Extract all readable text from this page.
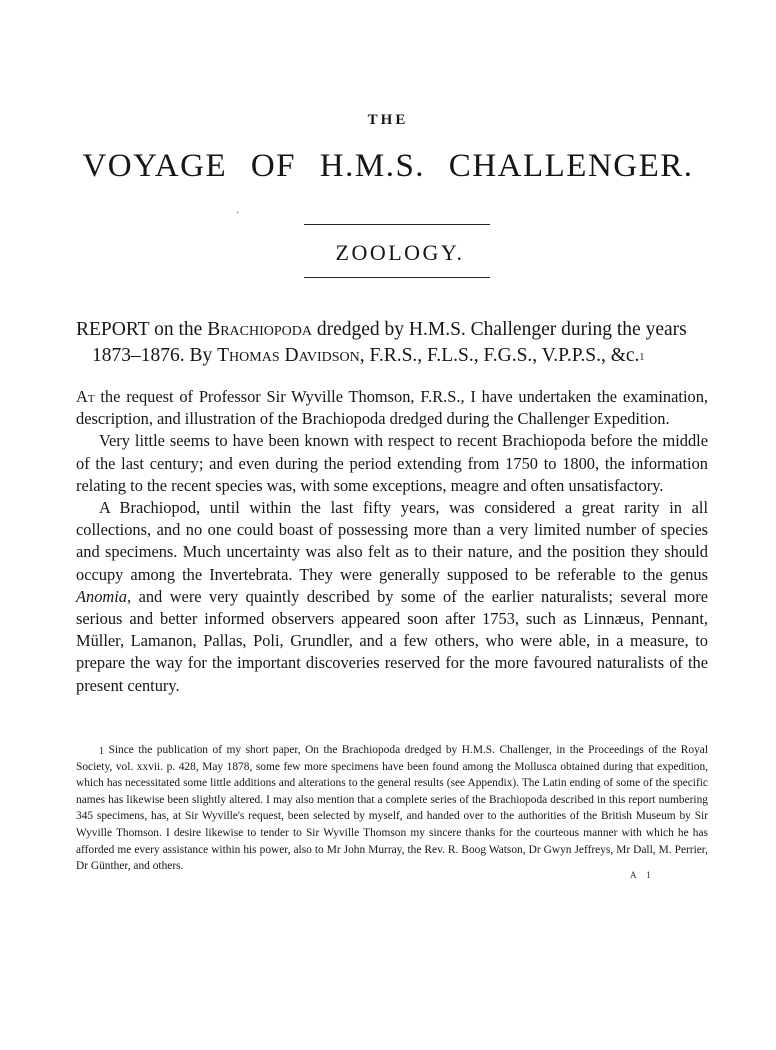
THE
VOYAGE OF H.M.S. CHALLENGER.
·
ZOOLOGY.
REPORT on the Brachiopoda dredged by H.M.S. Challenger during the years
1873–1876. By Thomas Davidson, F.R.S., F.L.S., F.G.S., V.P.P.S., &c.$^1$

At the request of Professor Sir Wyville Thomson, F.R.S., I have undertaken the examination, description, and illustration of the Brachiopoda dredged during the Challenger Expedition.

Very little seems to have been known with respect to recent Brachiopoda before the middle of the last century; and even during the period extending from 1750 to 1800, the information relating to the recent species was, with some exceptions, meagre and often unsatisfactory.

A Brachiopod, until within the last fifty years, was considered a great rarity in all collections, and no one could boast of possessing more than a very limited number of species and specimens. Much uncertainty was also felt as to their nature, and the position they should occupy among the Invertebrata. They were generally supposed to be referable to the genus Anomia, and were very quaintly described by some of the earlier naturalists; several more serious and better informed observers appeared soon after 1753, such as Linnæus, Pennant, Müller, Lamanon, Pallas, Poli, Grundler, and a few others, who were able, in a measure, to prepare the way for the important discoveries reserved for the more favoured naturalists of the present century.

1 Since the publication of my short paper, On the Brachiopoda dredged by H.M.S. Challenger, in the Proceedings of the Royal Society, vol. xxvii. p. 428, May 1878, some few more specimens have been found among the Mollusca obtained during that expedition, which has necessitated some little additions and alterations to the general results (see Appendix). The Latin ending of some of the specific names has likewise been slightly altered. I may also mention that a complete series of the Brachiopoda described in this report numbering 345 specimens, has, at Sir Wyville's request, been selected by myself, and handed over to the authorities of the British Museum by Sir Wyville Thomson. I desire likewise to tender to Sir Wyville Thomson my sincere thanks for the courteous manner with which he has afforded me every assistance within his power, also to Mr John Murray, the Rev. R. Boog Watson, Dr Gwyn Jeffreys, Mr Dall, M. Perrier, Dr Günther, and others.

A 1
